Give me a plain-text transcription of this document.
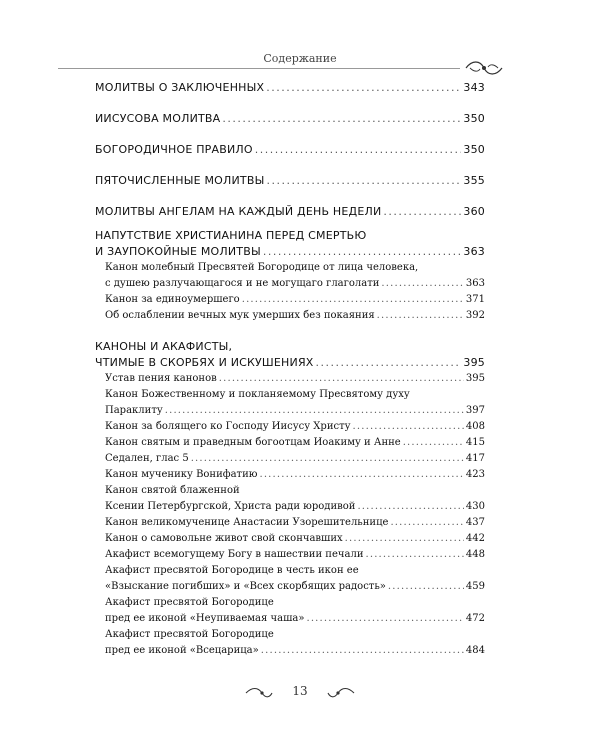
Содержание
МОЛИТВЫ О ЗАКЛЮЧЕННЫХ . . .	343
ИИСУСОВА МОЛИТВА . . .	350
БОГОРОДИЧНОЕ ПРАВИЛО . . .	350
ПЯТОЧИСЛЕННЫЕ МОЛИТВЫ . . .	355
МОЛИТВЫ АНГЕЛАМ НА КАЖДЫЙ ДЕНЬ НЕДЕЛИ . . .	360
НАПУТСТВИЕ ХРИСТИАНИНА ПЕРЕД СМЕРТЬЮ
И ЗАУПОКОЙНЫЕ МОЛИТВЫ . . .	363
Канон молебный Пресвятей Богородице от лица человека,
с душею разлучающагося и не могущаго глаголати . . .	363
Канон за единоумершего . . .	371
Об ослаблении вечных мук умерших без покаяния . . .	392
КАНОНЫ И АКАФИСТЫ,
ЧТИМЫЕ В СКОРБЯХ И ИСКУШЕНИЯХ . . .	395
Устав пения канонов . . .	395
Канон Божественному и покланяемому Пресвятому духу
Параклиту . . .	397
Канон за болящего ко Господу Иисусу Христу . . .	408
Канон святым и праведным богоотцам Иоакиму и Анне . . .	415
Седален, глас 5 . . .	417
Канон мученику Вонифатию . . .	423
Канон святой блаженной
Ксении Петербургской, Христа ради юродивой . . .	430
Канон великомученице Анастасии Узорешительнице . . .	437
Канон о самовольне живот свой скончавших . . .	442
Акафист всемогущему Богу в нашествии печали . . .	448
Акафист пресвятой Богородице в честь икон ее
«Взыскание погибших» и «Всех скорбящих радость» . . .	459
Акафист пресвятой Богородице
пред ее иконой «Неупиваемая чаша» . . .	472
Акафист пресвятой Богородице
пред ее иконой «Всецарица» . . .	484
13
